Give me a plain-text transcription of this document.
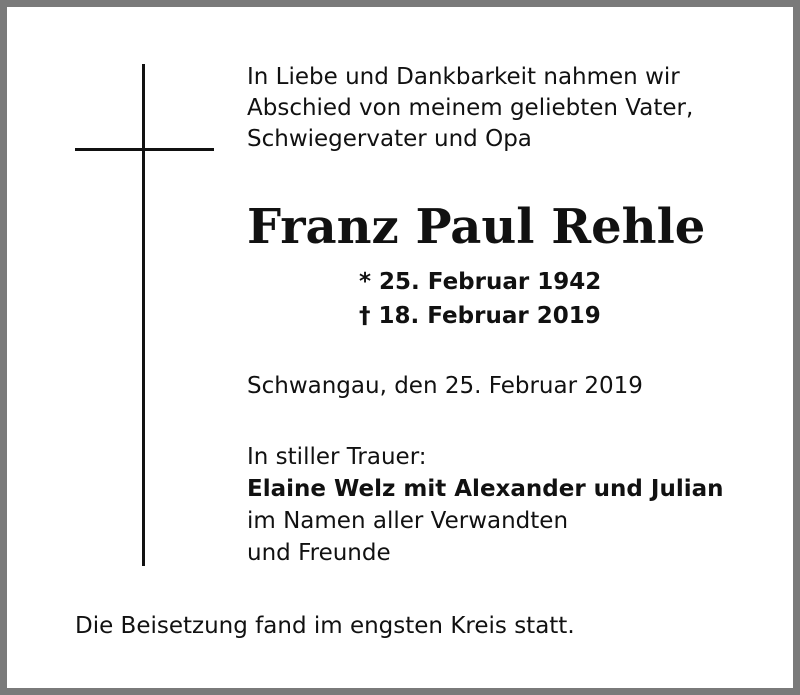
In Liebe und Dankbarkeit nahmen wir
Abschied von meinem geliebten Vater,
Schwiegervater und Opa
Franz Paul Rehle
* 25. Februar 1942
† 18. Februar 2019
Schwangau, den 25. Februar 2019
In stiller Trauer:
Elaine Welz mit Alexander und Julian
im Namen aller Verwandten
und Freunde
Die Beisetzung fand im engsten Kreis statt.
